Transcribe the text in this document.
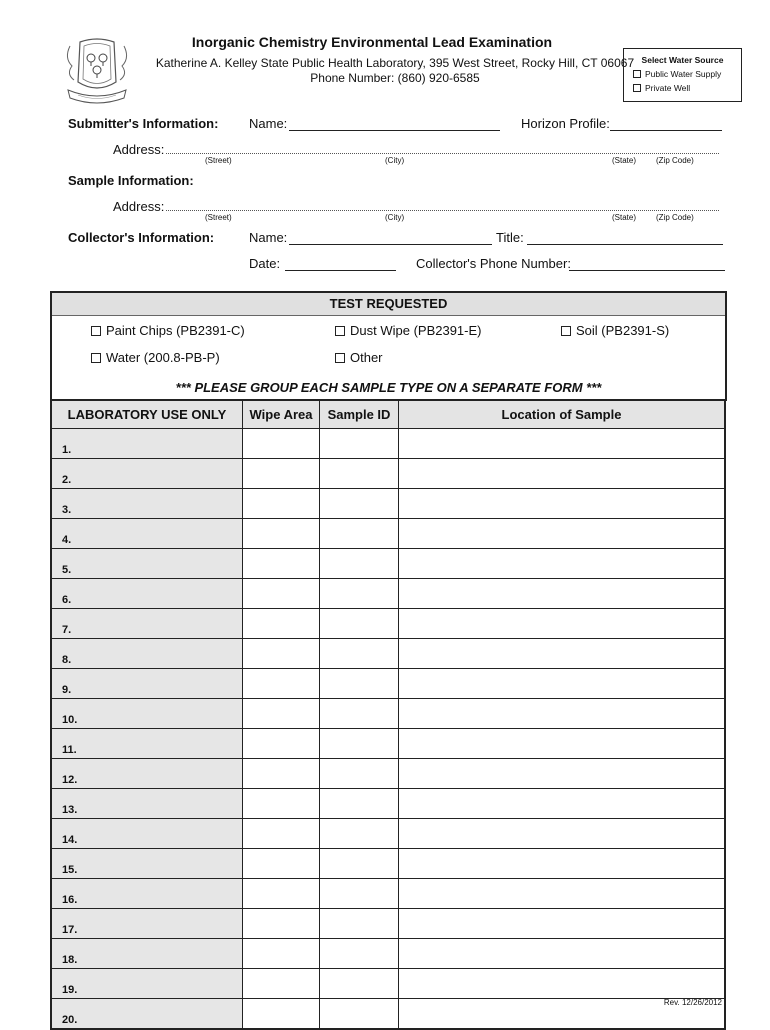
Inorganic Chemistry Environmental Lead Examination
Katherine A. Kelley State Public Health Laboratory, 395 West Street, Rocky Hill, CT 06067
Phone Number: (860) 920-6585
Select Water Source
Public Water Supply
Private Well
Submitter's Information: Name:	Horizon Profile:
Address:
(Street)	(City)	(State) (Zip Code)
Sample Information:
Address:
(Street)	(City)	(State) (Zip Code)
Collector's Information:	Name:	Title:
Date:	Collector's Phone Number:
TEST REQUESTED
Paint Chips (PB2391-C)	Dust Wipe (PB2391-E)	Soil (PB2391-S)
Water (200.8-PB-P)	Other
*** PLEASE GROUP EACH SAMPLE TYPE ON A SEPARATE FORM ***
LABORATORY USE ONLY	Wipe Area	Sample ID	Location of Sample
1.			
2.			
3.			
4.			
5.			
6.			
7.			
8.			
9.			
10.			
11.			
12.			
13.			
14.			
15.			
16.			
17.			
18.			
19.			
20.			
Rev. 12/26/2012
